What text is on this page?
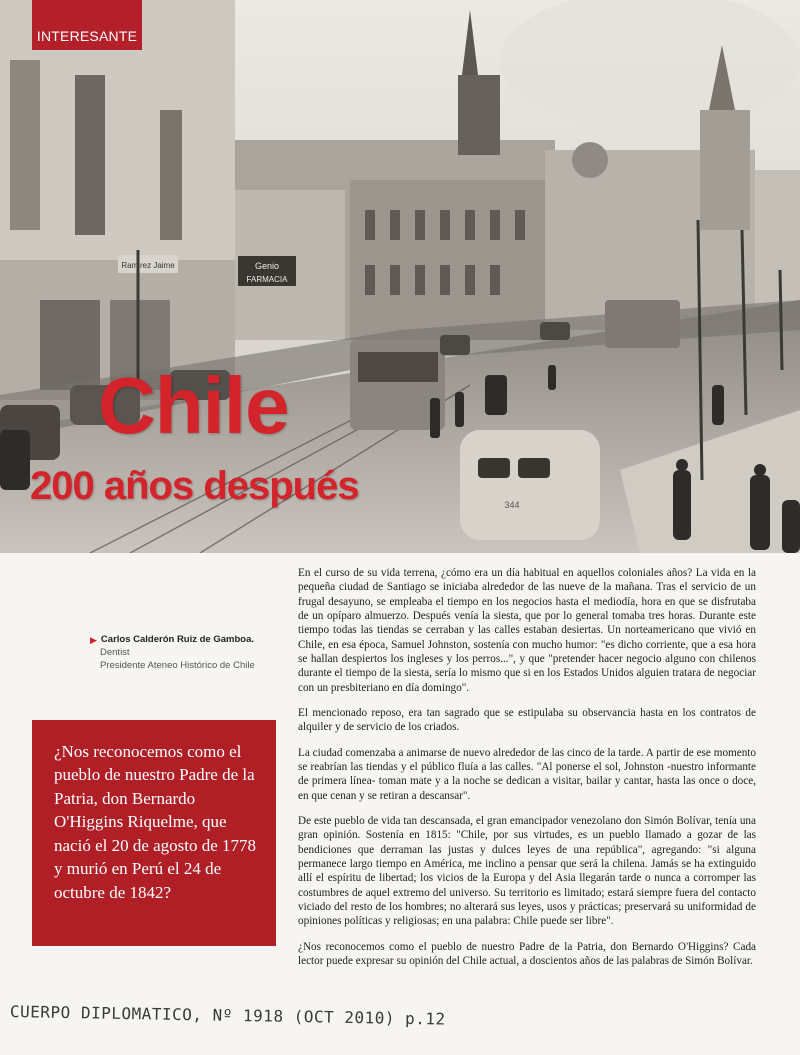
Genio
FARMACIA
Ramirez Jaime
344
INTERESANTE
Chile
200 años después
▶ Carlos Calderón Ruiz de Gamboa.
Dentist
Presidente Ateneo Histórico de Chile
¿Nos reconocemos como el pueblo de nuestro Padre de la Patria, don Bernardo O'Higgins Riquelme, que nació el 20 de agosto de 1778 y murió en Perú el 24 de octubre de 1842?

En el curso de su vida terrena, ¿cómo era un día habitual en aquellos coloniales años? La vida en la pequeña ciudad de Santiago se iniciaba alrededor de las nueve de la mañana. Tras el servicio de un frugal desayuno, se empleaba el tiempo en los negocios hasta el mediodía, hora en que se disfrutaba de un opíparo almuerzo. Después venía la siesta, que por lo general tomaba tres horas. Durante este tiempo todas las tiendas se cerraban y las calles estaban desiertas. Un norteamericano que vivió en Chile, en esa época, Samuel Johnston, sostenía con mucho humor: "es dicho corriente, que a esa hora se hallan despiertos los ingleses y los perros...", y que "pretender hacer negocio alguno con chilenos durante el tiempo de la siesta, sería lo mismo que si en los Estados Unidos alguien tratara de negociar con un presbiteriano en día domingo".

El mencionado reposo, era tan sagrado que se estipulaba su observancia hasta en los contratos de alquiler y de servicio de los criados.

La ciudad comenzaba a animarse de nuevo alrededor de las cinco de la tarde. A partir de ese momento se reabrían las tiendas y el público fluía a las calles. "Al ponerse el sol, Johnston -nuestro informante de primera línea- toman mate y a la noche se dedican a visitar, bailar y cantar, hasta las once o doce, en que cenan y se retiran a descansar".

De este pueblo de vida tan descansada, el gran emancipador venezolano don Simón Bolívar, tenía una gran opinión. Sostenía en 1815: "Chile, por sus virtudes, es un pueblo llamado a gozar de las bendiciones que derraman las justas y dulces leyes de una república", agregando: "si alguna permanece largo tiempo en América, me inclino a pensar que será la chilena. Jamás se ha extinguido allí el espíritu de libertad; los vicios de la Europa y del Asia llegarán tarde o nunca a corromper las costumbres de aquel extremo del universo. Su territorio es limitado; estará siempre fuera del contacto viciado del resto de los hombres; no alterará sus leyes, usos y prácticas; preservará su uniformidad de opiniones políticas y religiosas; en una palabra: Chile puede ser libre".

¿Nos reconocemos como el pueblo de nuestro Padre de la Patria, don Bernardo O'Higgins? Cada lector puede expresar su opinión del Chile actual, a doscientos años de las palabras de Simón Bolívar.

CUERPO DIPLOMATICO, Nº 1918 (OCT 2010) p.12
